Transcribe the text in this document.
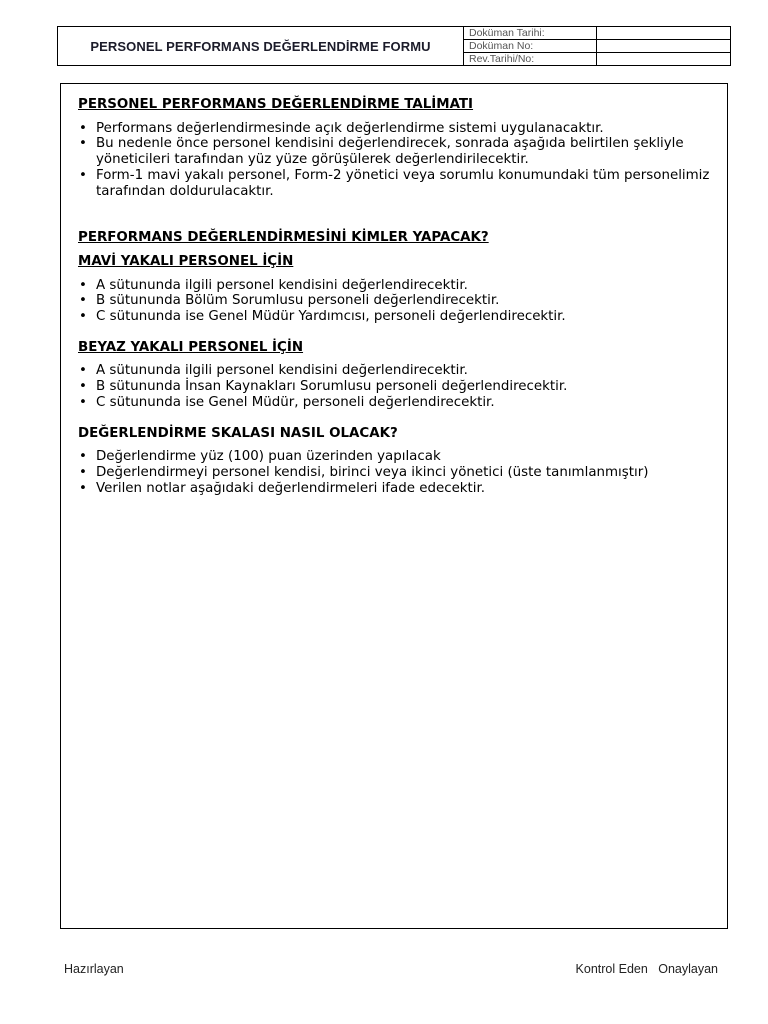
PERSONEL PERFORMANS DEĞERLENDİRME FORMU
Doküman Tarihi:
Doküman No:
Rev.Tarihi/No:

PERSONEL PERFORMANS DEĞERLENDİRME TALİMATI

• Performans değerlendirmesinde açık değerlendirme sistemi uygulanacaktır.
• Bu nedenle önce personel kendisini değerlendirecek, sonrada aşağıda belirtilen şekliyle yöneticileri tarafından yüz yüze görüşülerek değerlendirilecektir.
• Form-1 mavi yakalı personel, Form-2 yönetici veya sorumlu konumundaki tüm personelimiz tarafından doldurulacaktır.

PERFORMANS DEĞERLENDİRMESİNİ KİMLER YAPACAK?

MAVİ YAKALI PERSONEL İÇİN

• A sütununda ilgili personel kendisini değerlendirecektir.
• B sütununda Bölüm Sorumlusu personeli değerlendirecektir.
• C sütununda ise Genel Müdür Yardımcısı, personeli değerlendirecektir.

BEYAZ YAKALI PERSONEL İÇİN

• A sütununda ilgili personel kendisini değerlendirecektir.
• B sütununda İnsan Kaynakları Sorumlusu personeli değerlendirecektir.
• C sütununda ise Genel Müdür, personeli değerlendirecektir.

DEĞERLENDİRME SKALASI NASIL OLACAK?

• Değerlendirme yüz (100) puan üzerinden yapılacak
• Değerlendirmeyi personel kendisi, birinci veya ikinci yönetici (üste tanımlanmıştır)
• Verilen notlar aşağıdaki değerlendirmeleri ifade edecektir.
Hazırlayan	Kontrol Eden Onaylayan
